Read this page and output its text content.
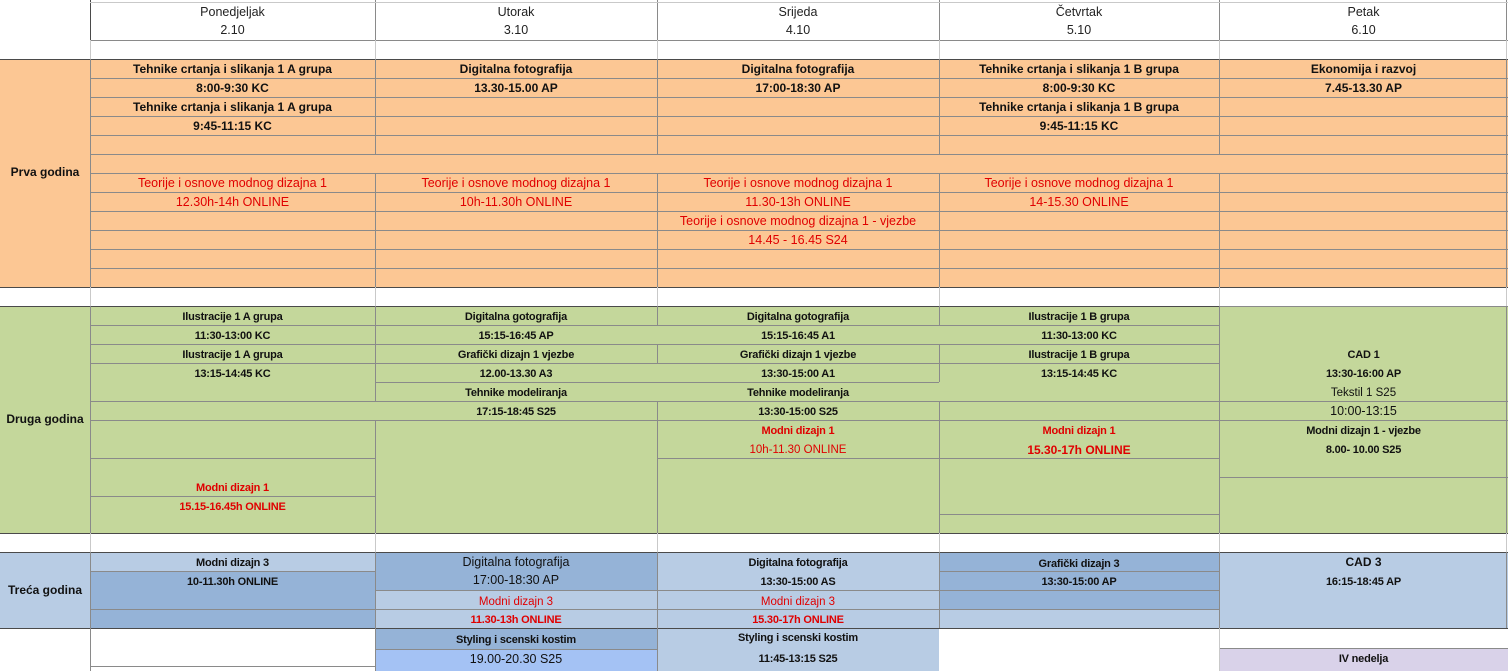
Ponedjeljak
2.10
Utorak
3.10
Srijeda
4.10
Četvrtak
5.10
Petak
6.10
Prva godina
Druga godina
Treća godina
Tehnike crtanja i slikanja 1 A grupa
8:00-9:30 KC
Tehnike crtanja i slikanja 1 A grupa
9:45-11:15 KC
Digitalna fotografija
13.30-15.00 AP
Digitalna fotografija
17:00-18:30 AP
Tehnike crtanja i slikanja 1 B grupa
8:00-9:30 KC
Tehnike crtanja i slikanja 1 B grupa
9:45-11:15 KC
Ekonomija i razvoj
7.45-13.30 AP
Teorije i osnove modnog dizajna 1
12.30h-14h ONLINE
Teorije i osnove modnog dizajna 1
10h-11.30h ONLINE
Teorije i osnove modnog dizajna 1
11.30-13h ONLINE
Teorije i osnove modnog dizajna 1 - vjezbe
14.45 - 16.45 S24
Teorije i osnove modnog dizajna 1
14-15.30 ONLINE
Ilustracije 1 A grupa
11:30-13:00 KC
Ilustracije 1 A grupa
13:15-14:45 KC
Digitalna gotografija
15:15-16:45 AP
Grafički dizajn 1 vjezbe
12.00-13.30 A3
Tehnike modeliranja
17:15-18:45 S25
Digitalna gotografija
15:15-16:45 A1
Grafički dizajn 1 vjezbe
13:30-15:00 A1
Tehnike modeliranja
13:30-15:00 S25
Modni dizajn 1
10h-11.30 ONLINE
Ilustracije 1 B grupa
11:30-13:00 KC
Ilustracije 1 B grupa
13:15-14:45 KC
Modni dizajn 1
15.30-17h ONLINE
CAD 1
13:30-16:00 AP
Tekstil 1 S25
10:00-13:15
Modni dizajn 1 - vjezbe
8.00- 10.00 S25
Modni dizajn 1
15.15-16.45h ONLINE
Modni dizajn 3
10-11.30h ONLINE
Digitalna fotografija
17:00-18:30 AP
Modni dizajn 3
11.30-13h ONLINE
Styling i scenski kostim
19.00-20.30 S25
Digitalna fotografija
13:30-15:00 AS
Modni dizajn 3
15.30-17h ONLINE
Styling i scenski kostim
11:45-13:15 S25
Grafički dizajn 3
13:30-15:00 AP
CAD 3
16:15-18:45 AP
IV nedelja
